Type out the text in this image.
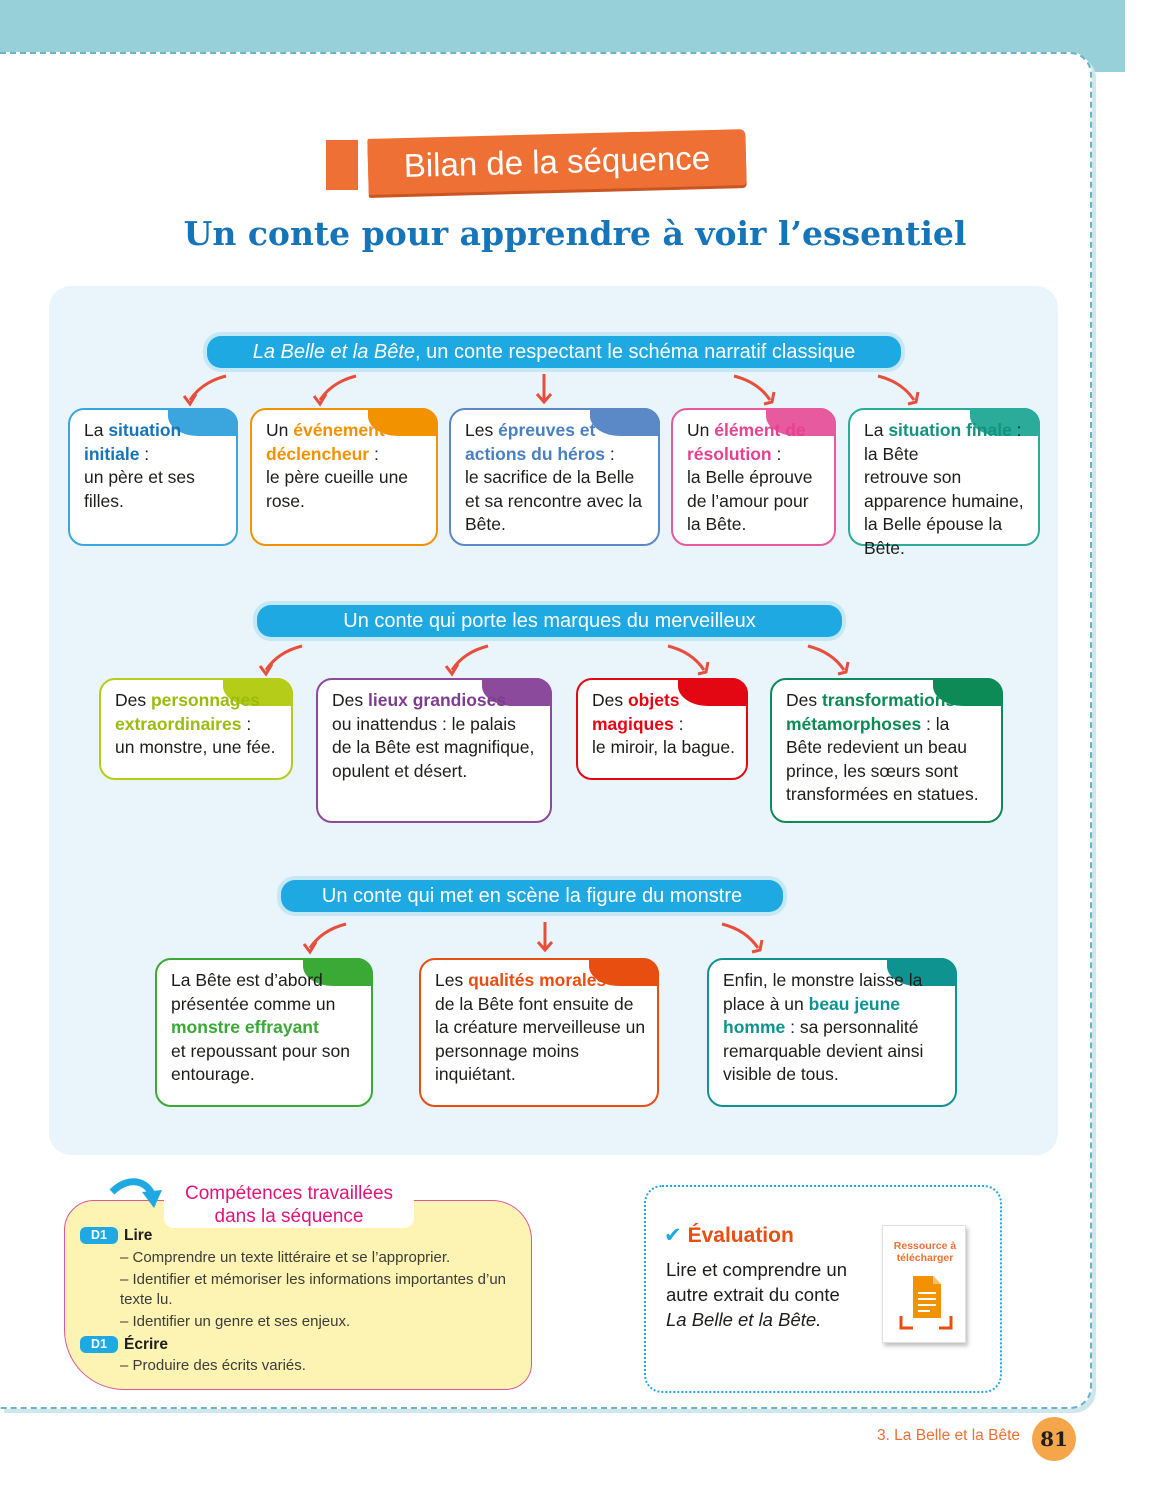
Bilan de la séquence
Un conte pour apprendre à voir l’essentiel
La Belle et la Bête, un conte respectant le schéma narratif classique

La situation initiale :
un père et ses filles.

Un événement déclencheur :
le père cueille une rose.

Les épreuves et actions du héros :
le sacrifice de la Belle et sa rencontre avec la Bête.

Un élément de résolution :
la Belle éprouve de l’amour pour la Bête.

La situation finale : la Bête
retrouve son apparence humaine, la Belle épouse la Bête.

Un conte qui porte les marques du merveilleux

Des personnages extraordinaires :
un monstre, une fée.

Des lieux grandioses
ou inattendus : le palais de la Bête est magnifique, opulent et désert.

Des objets magiques :
le miroir, la bague.

Des transformations ou métamorphoses : la
Bête redevient un beau prince, les sœurs sont transformées en statues.

Un conte qui met en scène la figure du monstre

La Bête est d’abord présentée comme un monstre effrayant
et repoussant pour son entourage.

Les qualités morales
de la Bête font ensuite de la créature merveilleuse un personnage moins inquiétant.

Enfin, le monstre laisse la place à un beau jeune homme : sa personnalité
remarquable devient ainsi visible de tous.

Compétences travaillées dans la séquence
D1 Lire
– Comprendre un texte littéraire et se l’approprier.
– Identifier et mémoriser les informations importantes d’un texte lu.
– Identifier un genre et ses enjeux.
D1 Écrire
– Produire des écrits variés.
✔ Évaluation
Lire et comprendre un autre extrait du conte La Belle et la Bête.
Ressource à télécharger
3. La Belle et la Bête	81
